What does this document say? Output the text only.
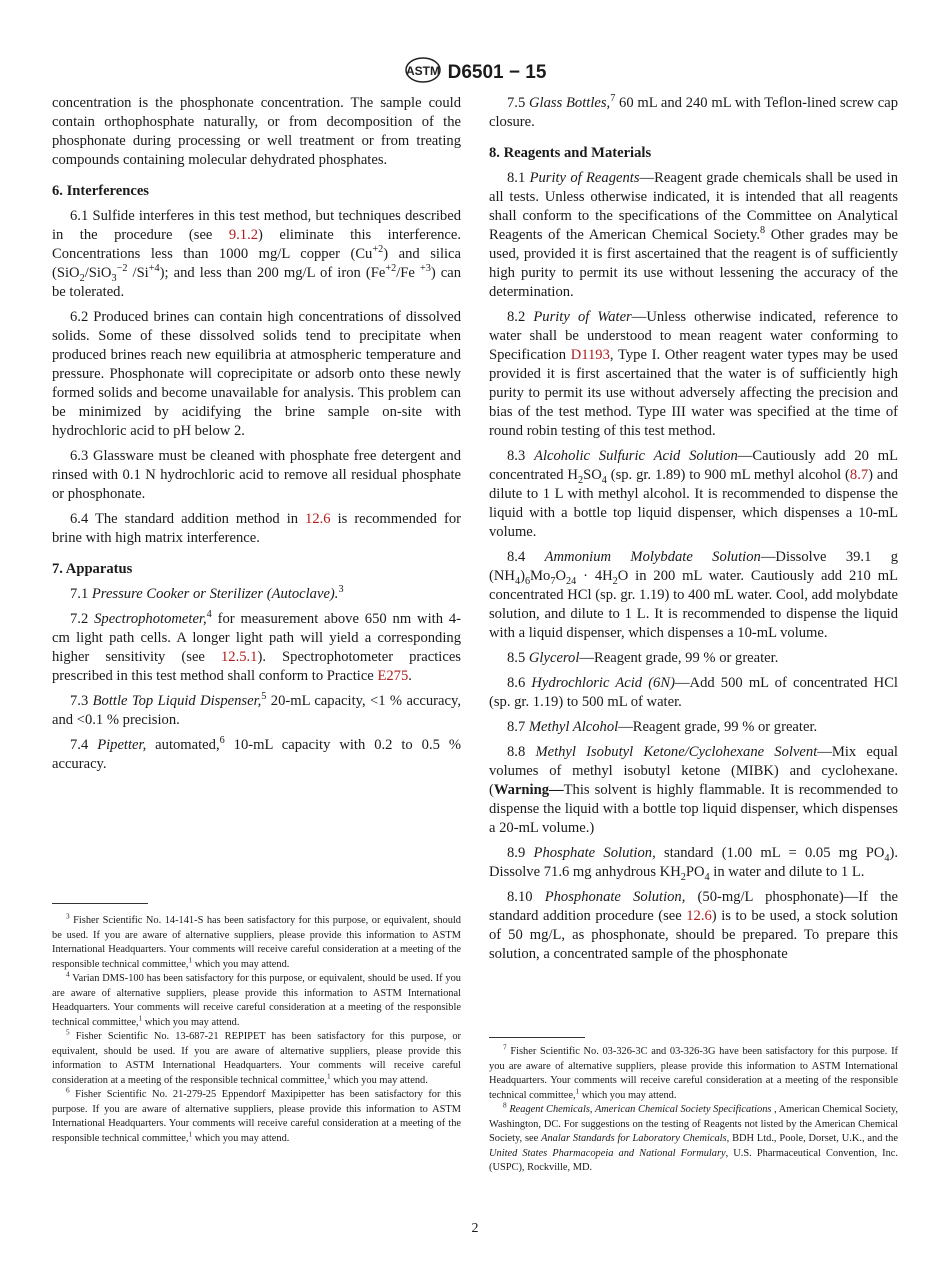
ASTM D6501 − 15
concentration is the phosphonate concentration. The sample could contain orthophosphate naturally, or from decomposition of the phosphonate during processing or well treatment or from treating compounds containing molecular dehydrated phosphates.
6. Interferences
6.1 Sulfide interferes in this test method, but techniques described in the procedure (see 9.1.2) eliminate this interference. Concentrations less than 1000 mg/L copper $(Cu^{+2})$ and silica (SiO$_2$/SiO$_3^{-2}$ $/Si^{+4}$); and less than 200 mg/L of iron ($Fe^{+2}/Fe$ $^{+3}$) can be tolerated.
6.2 Produced brines can contain high concentrations of dissolved solids. Some of these dissolved solids tend to precipitate when produced brines reach new equilibria at atmospheric temperature and pressure. Phosphonate will coprecipitate or adsorb onto these newly formed solids and become unavailable for analysis. This problem can be minimized by acidifying the brine sample on-site with hydrochloric acid to pH below 2.
6.3 Glassware must be cleaned with phosphate free detergent and rinsed with 0.1 N hydrochloric acid to remove all residual phosphate or phosphonate.
6.4 The standard addition method in 12.6 is recommended for brine with high matrix interference.
7. Apparatus
7.1 Pressure Cooker or Sterilizer (Autoclave).$^3$
7.2 Spectrophotometer,$^4$ for measurement above 650 nm with 4-cm light path cells. A longer light path will yield a corresponding higher sensitivity (see 12.5.1). Spectrophotometer practices prescribed in this test method shall conform to Practice E275.
7.3 Bottle Top Liquid Dispenser,$^5$ 20-mL capacity, <1 % accuracy, and <0.1 % precision.
7.4 Pipetter, automated,$^6$ 10-mL capacity with 0.2 to 0.5 % accuracy.
$^3$ Fisher Scientific No. 14-141-S has been satisfactory for this purpose, or equivalent, should be used. If you are aware of alternative suppliers, please provide this information to ASTM International Headquarters. Your comments will receive careful consideration at a meeting of the responsible technical committee,$^1$ which you may attend.
$^4$ Varian DMS-100 has been satisfactory for this purpose, or equivalent, should be used. If you are aware of alternative suppliers, please provide this information to ASTM International Headquarters. Your comments will receive careful consideration at a meeting of the responsible technical committee,$^1$ which you may attend.
$^5$ Fisher Scientific No. 13-687-21 REPIPET has been satisfactory for this purpose, or equivalent, should be used. If you are aware of alternative suppliers, please provide this information to ASTM International Headquarters. Your comments will receive careful consideration at a meeting of the responsible technical committee,$^1$ which you may attend.
$^6$ Fisher Scientific No. 21-279-25 Eppendorf Maxipipetter has been satisfactory for this purpose. If you are aware of alternative suppliers, please provide this information to ASTM International Headquarters. Your comments will receive careful consideration at a meeting of the responsible technical committee,$^1$ which you may attend.
7.5 Glass Bottles,$^7$ 60 mL and 240 mL with Teflon-lined screw cap closure.
8. Reagents and Materials
8.1 Purity of Reagents—Reagent grade chemicals shall be used in all tests. Unless otherwise indicated, it is intended that all reagents shall conform to the specifications of the Committee on Analytical Reagents of the American Chemical Society.$^8$ Other grades may be used, provided it is first ascertained that the reagent is of sufficiently high purity to permit its use without lessening the accuracy of the determination.
8.2 Purity of Water—Unless otherwise indicated, reference to water shall be understood to mean reagent water conforming to Specification D1193, Type I. Other reagent water types may be used provided it is first ascertained that the water is of sufficiently high purity to permit its use without adversely affecting the precision and bias of the test method. Type III water was specified at the time of round robin testing of this test method.
8.3 Alcoholic Sulfuric Acid Solution—Cautiously add 20 mL concentrated $H_2SO_4$ (sp. gr. 1.89) to 900 mL methyl alcohol (8.7) and dilute to 1 L with methyl alcohol. It is recommended to dispense the liquid with a bottle top liquid dispenser, which dispenses a 10-mL volume.
8.4 Ammonium Molybdate Solution—Dissolve 39.1 g $(NH_4)_6Mo_7O_{24} \cdot 4H_2O$ in 200 mL water. Cautiously add 210 mL concentrated HCl (sp. gr. 1.19) to 400 mL water. Cool, add molybdate solution, and dilute to 1 L. It is recommended to dispense the liquid with a liquid dispenser, which dispenses a 10-mL volume.
8.5 Glycerol—Reagent grade, 99 % or greater.
8.6 Hydrochloric Acid (6N)—Add 500 mL of concentrated HCl (sp. gr. 1.19) to 500 mL of water.
8.7 Methyl Alcohol—Reagent grade, 99 % or greater.
8.8 Methyl Isobutyl Ketone/Cyclohexane Solvent—Mix equal volumes of methyl isobutyl ketone (MIBK) and cyclohexane. (Warning—This solvent is highly flammable. It is recommended to dispense the liquid with a bottle top liquid dispenser, which dispenses a 20-mL volume.)
8.9 Phosphate Solution, standard (1.00 mL = 0.05 mg $PO_4$). Dissolve 71.6 mg anhydrous $KH_2PO_4$ in water and dilute to 1 L.
8.10 Phosphonate Solution, (50-mg/L phosphonate)—If the standard addition procedure (see 12.6) is to be used, a stock solution of 50 mg/L, as phosphonate, should be prepared. To prepare this solution, a concentrated sample of the phosphonate
$^7$ Fisher Scientific No. 03-326-3C and 03-326-3G have been satisfactory for this purpose. If you are aware of alternative suppliers, please provide this information to ASTM International Headquarters. Your comments will receive careful consideration at a meeting of the responsible technical committee,$^1$ which you may attend.
$^8$ Reagent Chemicals, American Chemical Society Specifications , American Chemical Society, Washington, DC. For suggestions on the testing of Reagents not listed by the American Chemical Society, see Analar Standards for Laboratory Chemicals, BDH Ltd., Poole, Dorset, U.K., and the United States Pharmacopeia and National Formulary, U.S. Pharmaceutical Convention, Inc. (USPC), Rockville, MD.
2
